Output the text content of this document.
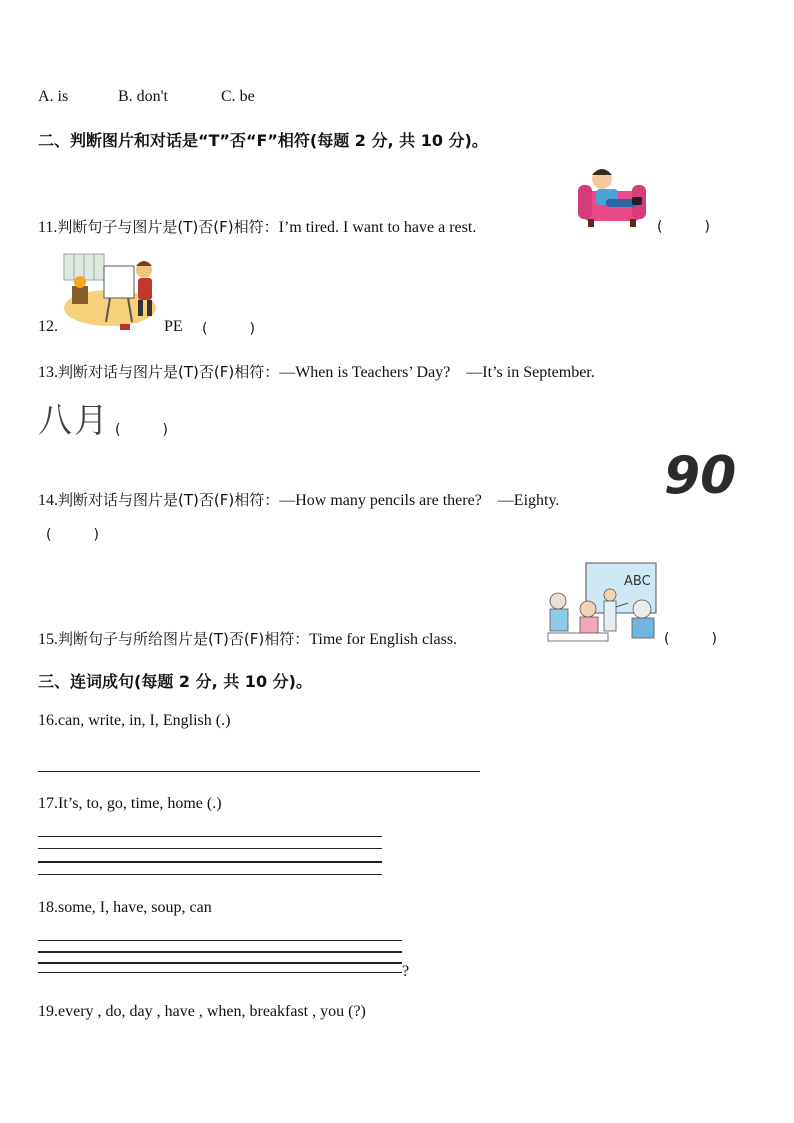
A. is	B. don't	C. be
二、判断图片和对话是“T”否“F”相符(每题 2 分, 共 10 分)。
11.判断句子与图片是(T)否(F)相符：I’m tired. I want to have a rest.	(　　　)
12.	PE (　　　)
13.判断对话与图片是(T)否(F)相符：—When is Teachers’ Day?　—It’s in September.
八月 (　　　)
14.判断对话与图片是(T)否(F)相符：—How many pencils are there?　—Eighty. 90
(　　　)
ABC
15.判断句子与所给图片是(T)否(F)相符：Time for English class.	(　　　)
三、连词成句(每题 2 分, 共 10 分)。
16.can, write, in, I, English (.)
17.It’s, to, go, time, home (.)
18.some, I, have, soup, can
?
19.every , do, day , have , when, breakfast , you (?)
